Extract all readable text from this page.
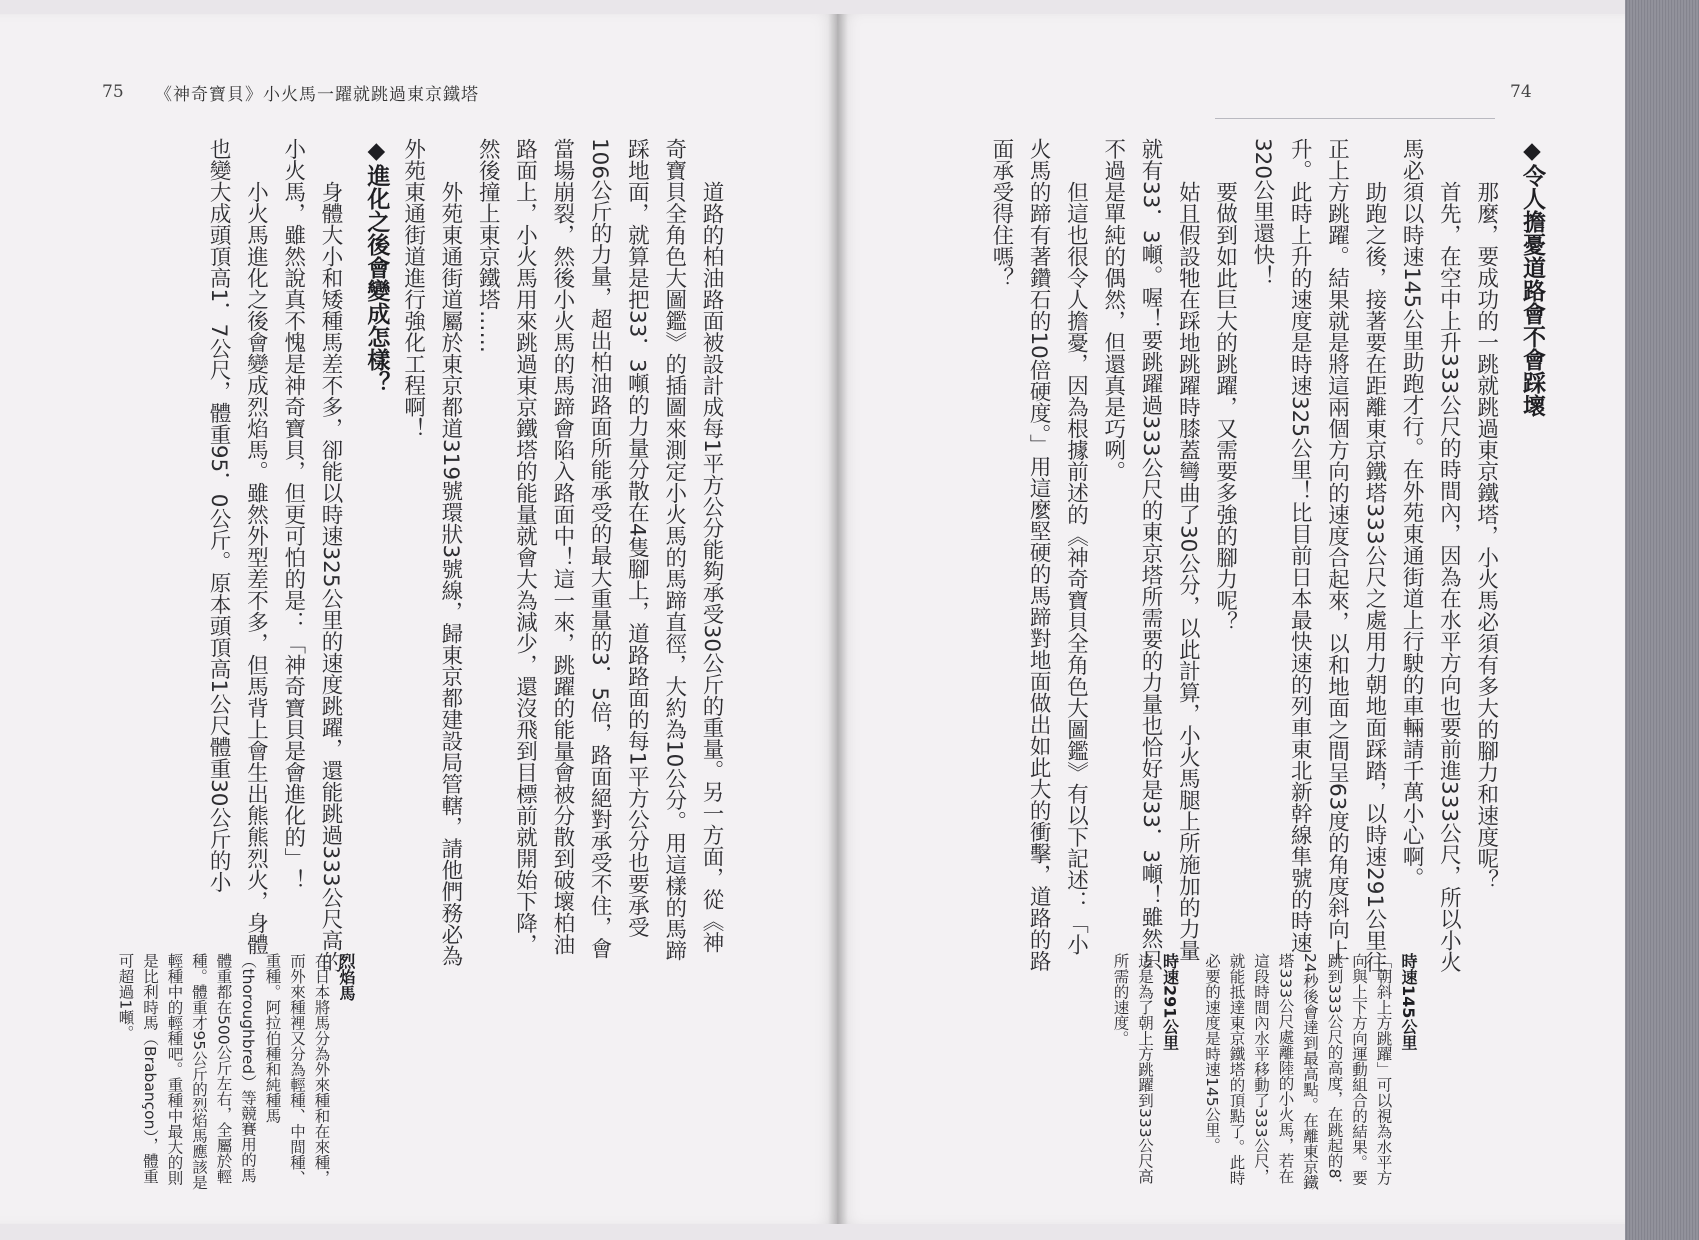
75 《神奇寶貝》小火馬一躍就跳過東京鐵塔	74

◆令人擔憂道路會不會踩壞

那麼，要成功的一跳就跳過東京鐵塔，小火馬必須有多大的腳力和速度呢？

首先，在空中上升333公尺的時間內，因為在水平方向也要前進333公尺，所以小火馬必須以時速145公里助跑才行。在外苑東通街道上行駛的車輛請千萬小心啊。

助跑之後，接著要在距離東京鐵塔333公尺之處用力朝地面踩踏，以時速291公里往正上方跳躍。結果就是將這兩個方向的速度合起來，以和地面之間呈63度的角度斜向上升。此時上升的速度是時速325公里！比目前日本最快速的列車東北新幹線隼號的時速320公里還快！

要做到如此巨大的跳躍，又需要多強的腳力呢？

姑且假設牠在踩地跳躍時膝蓋彎曲了30公分，以此計算，小火馬腿上所施加的力量就有33．3噸。喔！要跳躍過333公尺的東京塔所需要的力量也恰好是33．3噸！雖然只不過是單純的偶然，但還真是巧咧。

但這也很令人擔憂，因為根據前述的《神奇寶貝全角色大圖鑑》有以下記述：「小火馬的蹄有著鑽石的10倍硬度。」用這麼堅硬的馬蹄對地面做出如此大的衝擊，道路的路面承受得住嗎？

時速145公里

「朝斜上方跳躍」可以視為水平方向與上下方向運動組合的結果。要跳到333公尺的高度，在跳起的8．24秒後會達到最高點。在離東京鐵塔333公尺處離陸的小火馬，若在這段時間內水平移動了333公尺，就能抵達東京鐵塔的頂點了。此時必要的速度是時速145公里。

時速291公里

這是為了朝上方跳躍到333公尺高所需的速度。

道路的柏油路面被設計成每1平方公分能夠承受30公斤的重量。另一方面，從《神奇寶貝全角色大圖鑑》的插圖來測定小火馬的馬蹄直徑，大約為10公分。用這樣的馬蹄踩地面，就算是把33．3噸的力量分散在4隻腳上，道路路面的每1平方公分也要承受106公斤的力量，超出柏油路面所能承受的最大重量的3．5倍，路面絕對承受不住，會當場崩裂，然後小火馬的馬蹄會陷入路面中！這一來，跳躍的能量會被分散到破壞柏油路面上，小火馬用來跳過東京鐵塔的能量就會大為減少，還沒飛到目標前就開始下降，然後撞上東京鐵塔……

外苑東通街道屬於東京都道319號環狀3號線，歸東京都建設局管轄，請他們務必為外苑東通街道進行強化工程啊！

◆進化之後會變成怎樣？

身體大小和矮種馬差不多，卻能以時速325公里的速度跳躍，還能跳過333公尺高的小火馬，雖然說真不愧是神奇寶貝，但更可怕的是：「神奇寶貝是會進化的」！

小火馬進化之後會變成烈焰馬。雖然外型差不多，但馬背上會生出熊熊烈火，身體也變大成頭頂高1．7公尺，體重95．0公斤。原本頭頂高1公尺體重30公斤的小

烈焰馬

在日本將馬分為外來種和在來種，而外來種裡又分為輕種、中間種、重種。阿拉伯種和純種馬（thoroughbred）等競賽用的馬體重都在500公斤左右，全屬於輕種。體重才95公斤的烈焰馬應該是輕種中的輕種吧。重種中最大的則是比利時馬（Brabançon），體重可超過1噸。
